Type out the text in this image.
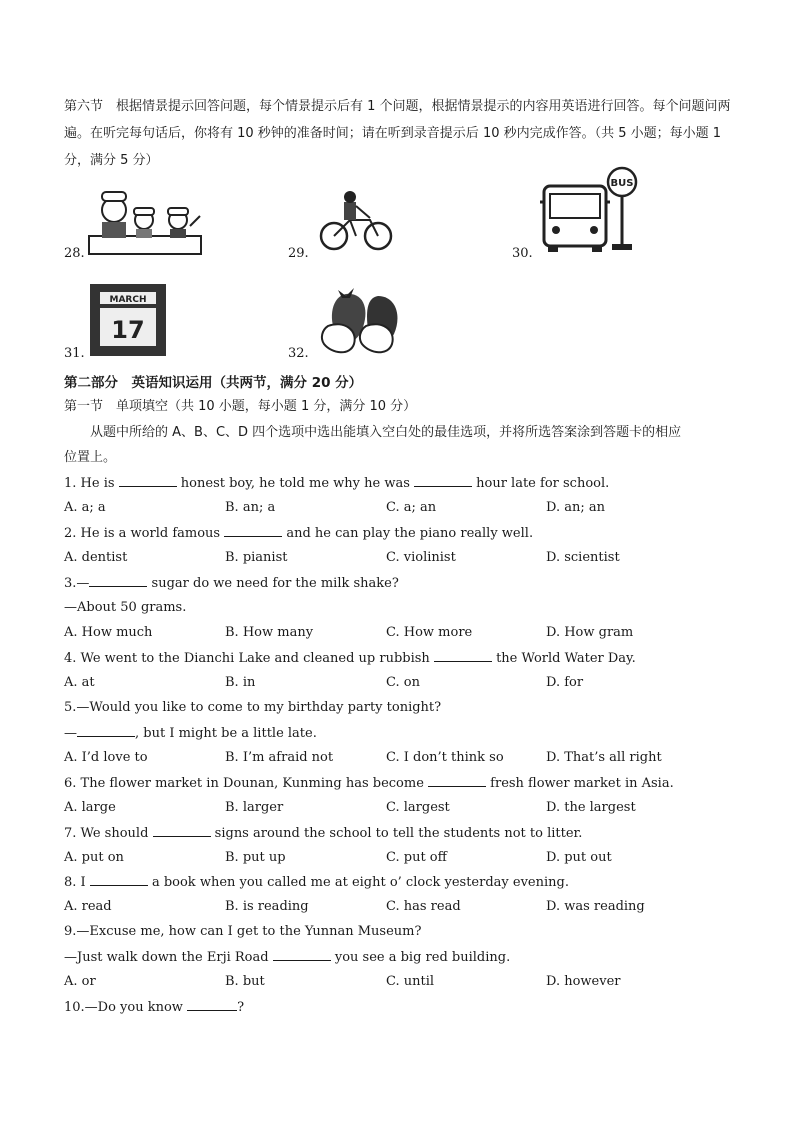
第六节　根据情景提示回答问题，每个情景提示后有 1 个问题，根据情景提示的内容用英语进行回答。每个问题问两遍。在听完每句话后，你将有 10 秒钟的准备时间；请在听到录音提示后 10 秒内完成作答。（共 5 小题；每小题 1 分，满分 5 分）
28.	29.	30.
BUS
31.
MARCH
17
32.
第二部分　英语知识运用（共两节，满分 20 分）
第一节　单项填空（共 10 小题，每小题 1 分，满分 10 分）
从题中所给的 A、B、C、D 四个选项中选出能填入空白处的最佳选项，并将所选答案涂到答题卡的相应
位置上。
1. He is	honest boy, he told me why he was	hour late for school.
A. a; a	B. an; a	C. a; an	D. an; an
2. He is a world famous	and he can play the piano really well.
A. dentist	B. pianist	C. violinist	D. scientist
3.—	sugar do we need for the milk shake?
—About 50 grams.
A. How much	B. How many	C. How more	D. How gram
4. We went to the Dianchi Lake and cleaned up rubbish	the World Water Day.
A. at	B. in	C. on	D. for
5.—Would you like to come to my birthday party tonight?
—	, but I might be a little late.
A. I’d love to	B. I’m afraid not	C. I don’t think so	D. That’s all right
6. The flower market in Dounan, Kunming has become	fresh flower market in Asia.
A. large	B. larger	C. largest	D. the largest
7. We should	signs around the school to tell the students not to litter.
A. put on	B. put up	C. put off	D. put out
8. I	a book when you called me at eight o’ clock yesterday evening.
A. read	B. is reading	C. has read	D. was reading
9.—Excuse me, how can I get to the Yunnan Museum?
—Just walk down the Erji Road	you see a big red building.
A. or	B. but	C. until	D. however
10.—Do you know	?
